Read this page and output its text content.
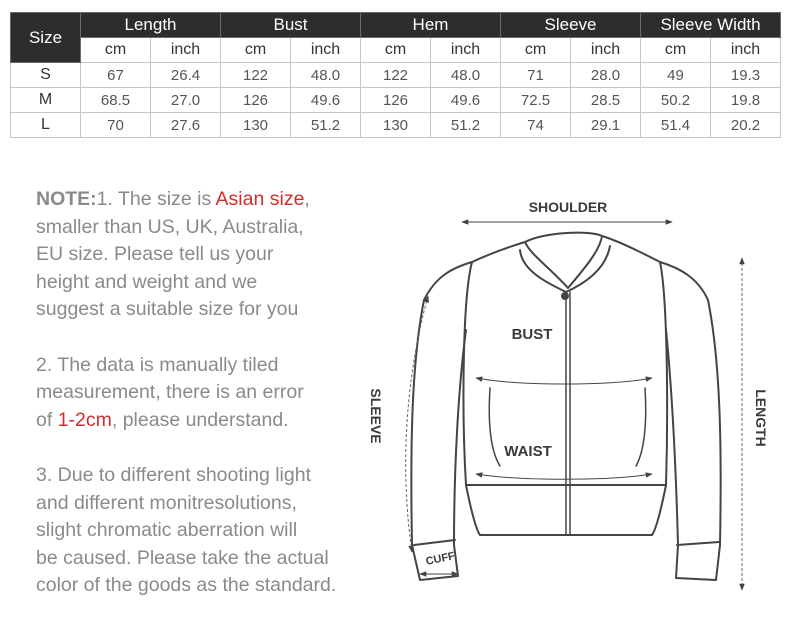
Size	Length		Bust		Hem		Sleeve		Sleeve Width	
	cm	inch	cm	inch	cm	inch	cm	inch	cm	inch
S	67	26.4	122	48.0	122	48.0	71	28.0	49	19.3
M	68.5	27.0	126	49.6	126	49.6	72.5	28.5	50.2	19.8
L	70	27.6	130	51.2	130	51.2	74	29.1	51.4	20.2

NOTE:1. The size is Asian size,
smaller than US, UK, Australia,
EU size. Please tell us your
height and weight and we
suggest a suitable size for you

2. The data is manually tiled
measurement, there is an error
of 1-2cm, please understand.

3. Due to different shooting light
and different monitresolutions,
slight chromatic aberration will
be caused. Please take the actual
color of the goods as the standard.

SHOULDER
BUST
WAIST
SLEEVE	LENGTH
CUFF
